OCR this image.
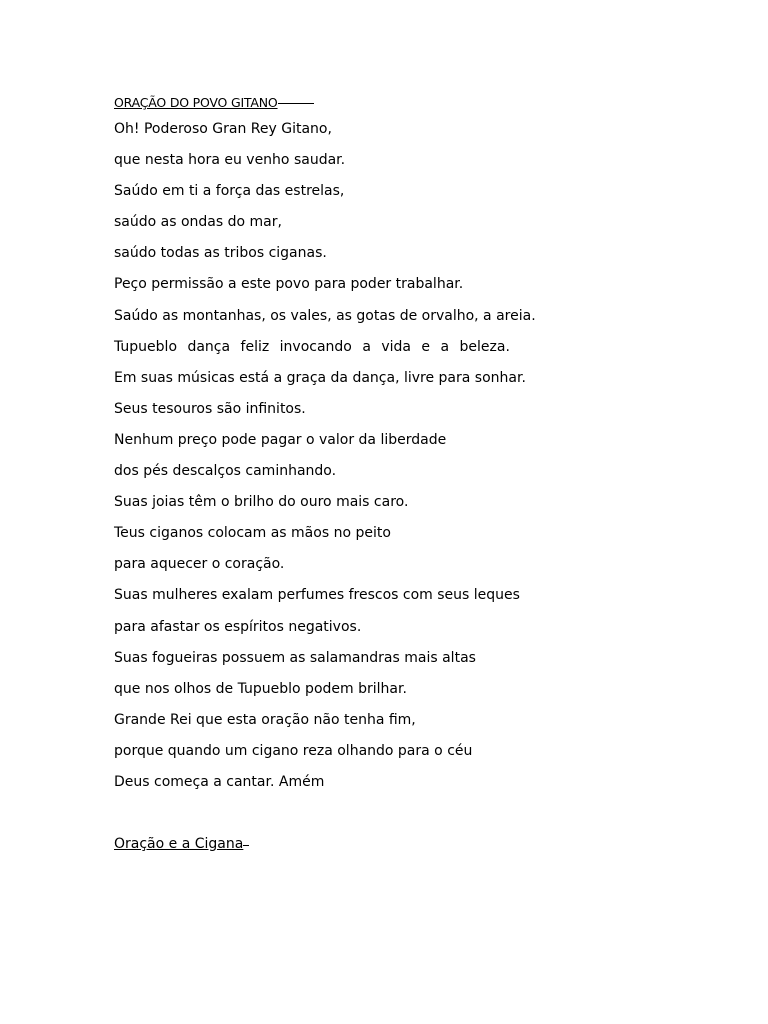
ORAÇÃO DO POVO GITANO
Oh! Poderoso Gran Rey Gitano,
que nesta hora eu venho saudar.
Saúdo em ti a força das estrelas,
saúdo as ondas do mar,
saúdo todas as tribos ciganas.
Peço permissão a este povo para poder trabalhar.
Saúdo as montanhas, os vales, as gotas de orvalho, a areia.
Tupueblo dança feliz invocando a vida e a beleza.
Em suas músicas está a graça da dança, livre para sonhar.
Seus tesouros são infinitos.
Nenhum preço pode pagar o valor da liberdade
dos pés descalços caminhando.
Suas joias têm o brilho do ouro mais caro.
Teus ciganos colocam as mãos no peito
para aquecer o coração.
Suas mulheres exalam perfumes frescos com seus leques
para afastar os espíritos negativos.
Suas fogueiras possuem as salamandras mais altas
que nos olhos de Tupueblo podem brilhar.
Grande Rei que esta oração não tenha fim,
porque quando um cigano reza olhando para o céu
Deus começa a cantar. Amém
Oração e a Cigana
